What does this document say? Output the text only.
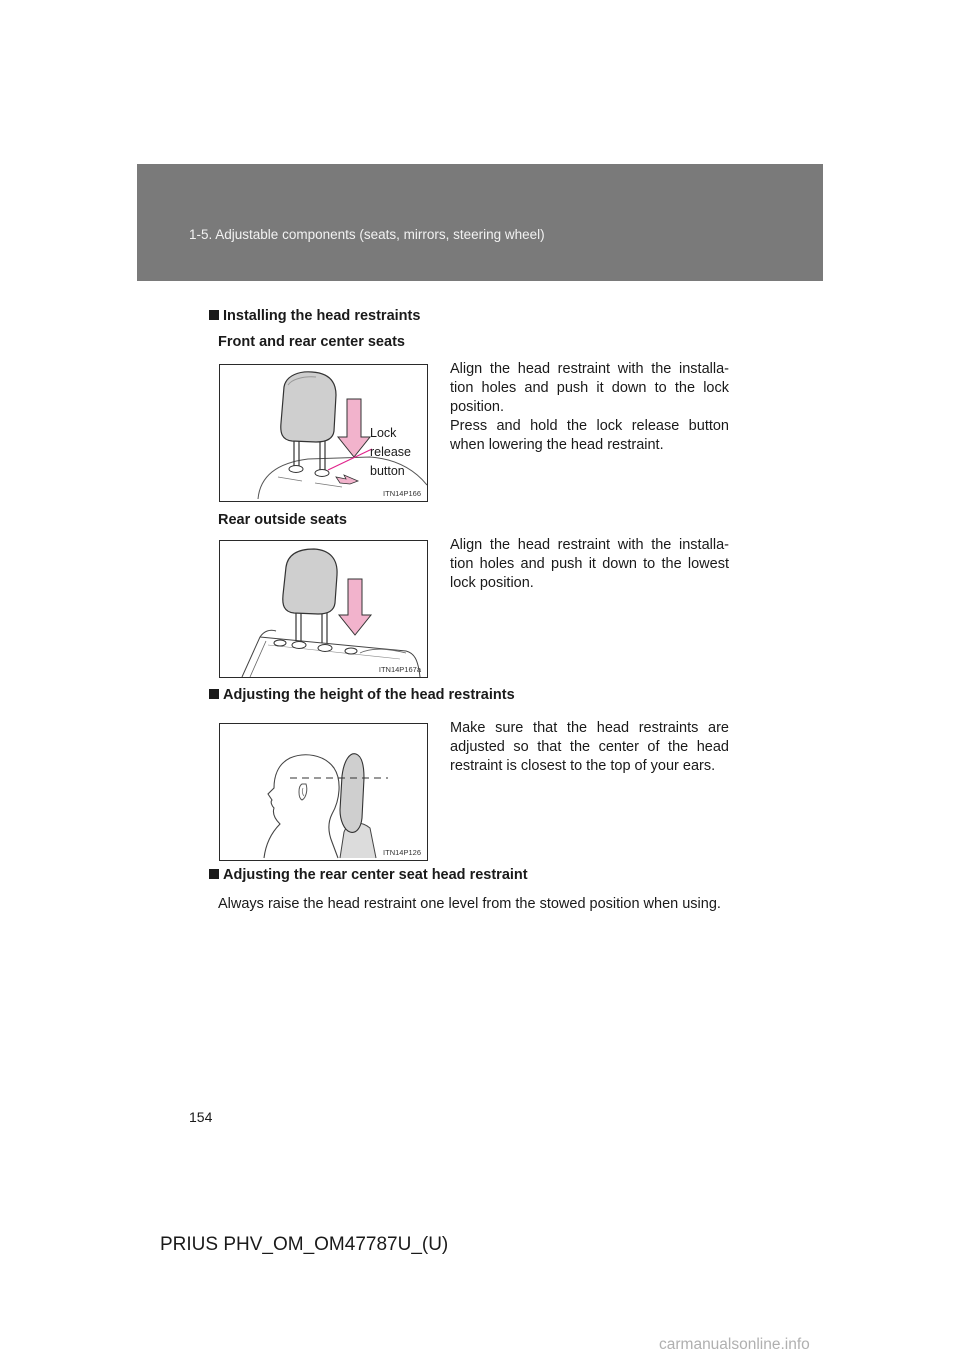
1-5. Adjustable components (seats, mirrors, steering wheel)
Installing the head restraints
Front and rear center seats
Lock
release
button
ITN14P166

Align the head restraint with the installa-tion holes and push it down to the lock position.

Press and hold the lock release button when lowering the head restraint.

Rear outside seats
ITN14P167a

Align the head restraint with the installa-tion holes and push it down to the lowest lock position.

Adjusting the height of the head restraints
ITN14P126

Make sure that the head restraints are adjusted so that the center of the head restraint is closest to the top of your ears.

Adjusting the rear center seat head restraint
Always raise the head restraint one level from the stowed position when using.
154
PRIUS PHV_OM_OM47787U_(U)
carmanualsonline.info
